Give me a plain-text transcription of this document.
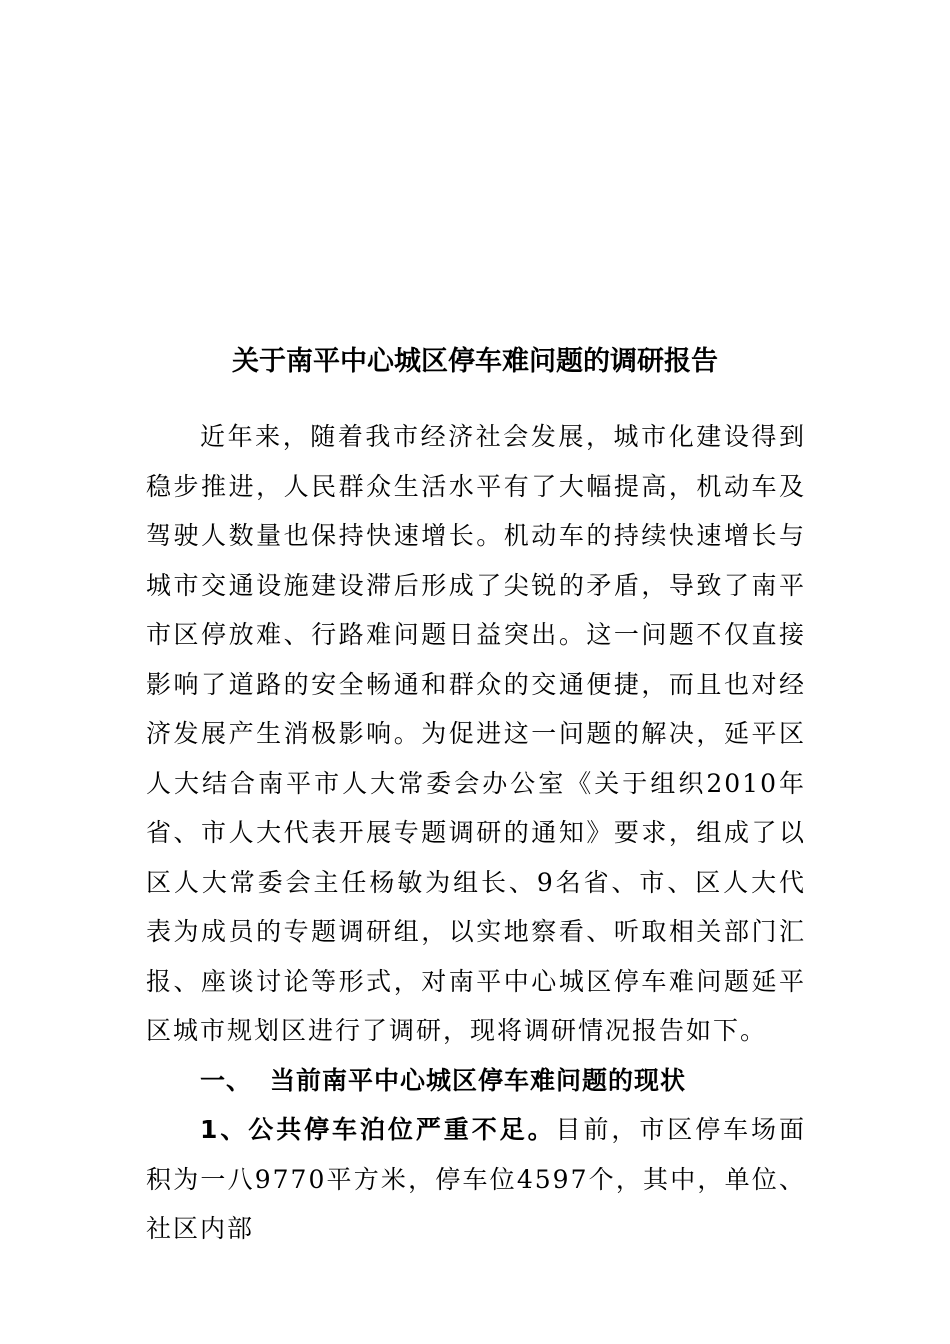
关于南平中心城区停车难问题的调研报告

近年来，随着我市经济社会发展，城市化建设得到稳步推进，人民群众生活水平有了大幅提高，机动车及驾驶人数量也保持快速增长。机动车的持续快速增长与城市交通设施建设滞后形成了尖锐的矛盾，导致了南平市区停放难、行路难问题日益突出。这一问题不仅直接影响了道路的安全畅通和群众的交通便捷，而且也对经济发展产生消极影响。为促进这一问题的解决，延平区人大结合南平市人大常委会办公室《关于组织2010年省、市人大代表开展专题调研的通知》要求，组成了以区人大常委会主任杨敏为组长、9名省、市、区人大代表为成员的专题调研组，以实地察看、听取相关部门汇报、座谈讨论等形式，对南平中心城区停车难问题延平区城市规划区进行了调研，现将调研情况报告如下。

一、 当前南平中心城区停车难问题的现状

1、公共停车泊位严重不足。目前，市区停车场面积为一八9770平方米，停车位4597个，其中，单位、社区内部
